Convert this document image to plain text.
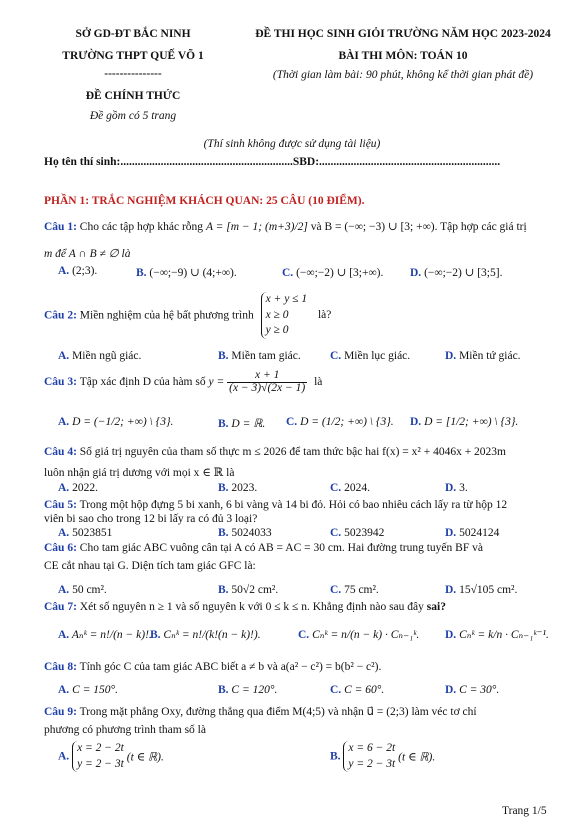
SỞ GD-ĐT BẮC NINH
TRƯỜNG THPT QUẾ VÕ 1
---------------
ĐỀ CHÍNH THỨC
Đề gồm có 5 trang
ĐỀ THI HỌC SINH GIỎI TRƯỜNG NĂM HỌC 2023-2024
BÀI THI MÔN: TOÁN 10
(Thời gian làm bài: 90 phút, không kể thời gian phát đề)
(Thí sinh không được sử dụng tài liệu)
Họ tên thí sinh:............................................................SBD:...............................................................
PHẦN 1: TRẮC NGHIỆM KHÁCH QUAN: 25 CÂU (10 ĐIỂM).
Câu 1: Cho các tập hợp khác rỗng A = [m − 1; (m+3)/2] và B = (−∞; −3) ∪ [3; +∞). Tập hợp các giá trị
m để A ∩ B ≠ ∅ là
A. (2;3).	B. (−∞;−9) ∪ (4;+∞).	C. (−∞;−2) ∪ [3;+∞). D. (−∞;−2) ∪ [3;5].
Câu 2: Miền nghiệm của hệ bất phương trình
x + y ≤ 1
x ≥ 0
y ≥ 0
là?
A. Miền ngũ giác.	B. Miền tam giác.	C. Miền lục giác.	D. Miền tứ giác.
Câu 3: Tập xác định D của hàm số $y = \frac{x + 1}{(x - 3)√(2x - 1)}$ là
A. D = (−1/2; +∞) \ {3}.	B. D = ℝ. C. D = (1/2; +∞) \ {3}. D. D = [1/2; +∞) \ {3}.
Câu 4: Số giá trị nguyên của tham số thực m ≤ 2026 để tam thức bậc hai f(x) = x² + 4046x + 2023m
luôn nhận giá trị dương với mọi x ∈ ℝ là
A. 2022.	B. 2023.	C. 2024.	D. 3.
Câu 5: Trong một hộp đựng 5 bi xanh, 6 bi vàng và 14 bi đỏ. Hỏi có bao nhiêu cách lấy ra từ hộp 12
viên bi sao cho trong 12 bi lấy ra có đủ 3 loại?
A. 5023851	B. 5024033	C. 5023942	D. 5024124
Câu 6: Cho tam giác ABC vuông cân tại A có AB = AC = 30 cm. Hai đường trung tuyến BF và
CE cắt nhau tại G. Diện tích tam giác GFC là:
A. 50 cm².	B. 50√2 cm².	C. 75 cm².	D. 15√105 cm².
Câu 7: Xét số nguyên n ≥ 1 và số nguyên k với 0 ≤ k ≤ n. Khẳng định nào sau đây sai?
A. Aₙᵏ = n!/(n − k)!.
B. Cₙᵏ = n!/(k!(n − k)!).	C. Cₙᵏ = n/(n − k) · Cₙ₋₁ᵏ. D. Cₙᵏ = k/n · Cₙ₋₁ᵏ⁻¹.
Câu 8: Tính góc C của tam giác ABC biết a ≠ b và a(a² − c²) = b(b² − c²).
A. C = 150°.	B. C = 120°.	C. C = 60°.	D. C = 30°.
Câu 9: Trong mặt phẳng Oxy, đường thẳng qua điểm M(4;5) và nhận u⃗ = (2;3) làm véc tơ chỉ
phương có phương trình tham số là
A.
x = 2 − 2t
y = 2 − 3t (t ∈ ℝ).	B.
x = 6 − 2t
y = 2 − 3t (t ∈ ℝ).
Trang 1/5
